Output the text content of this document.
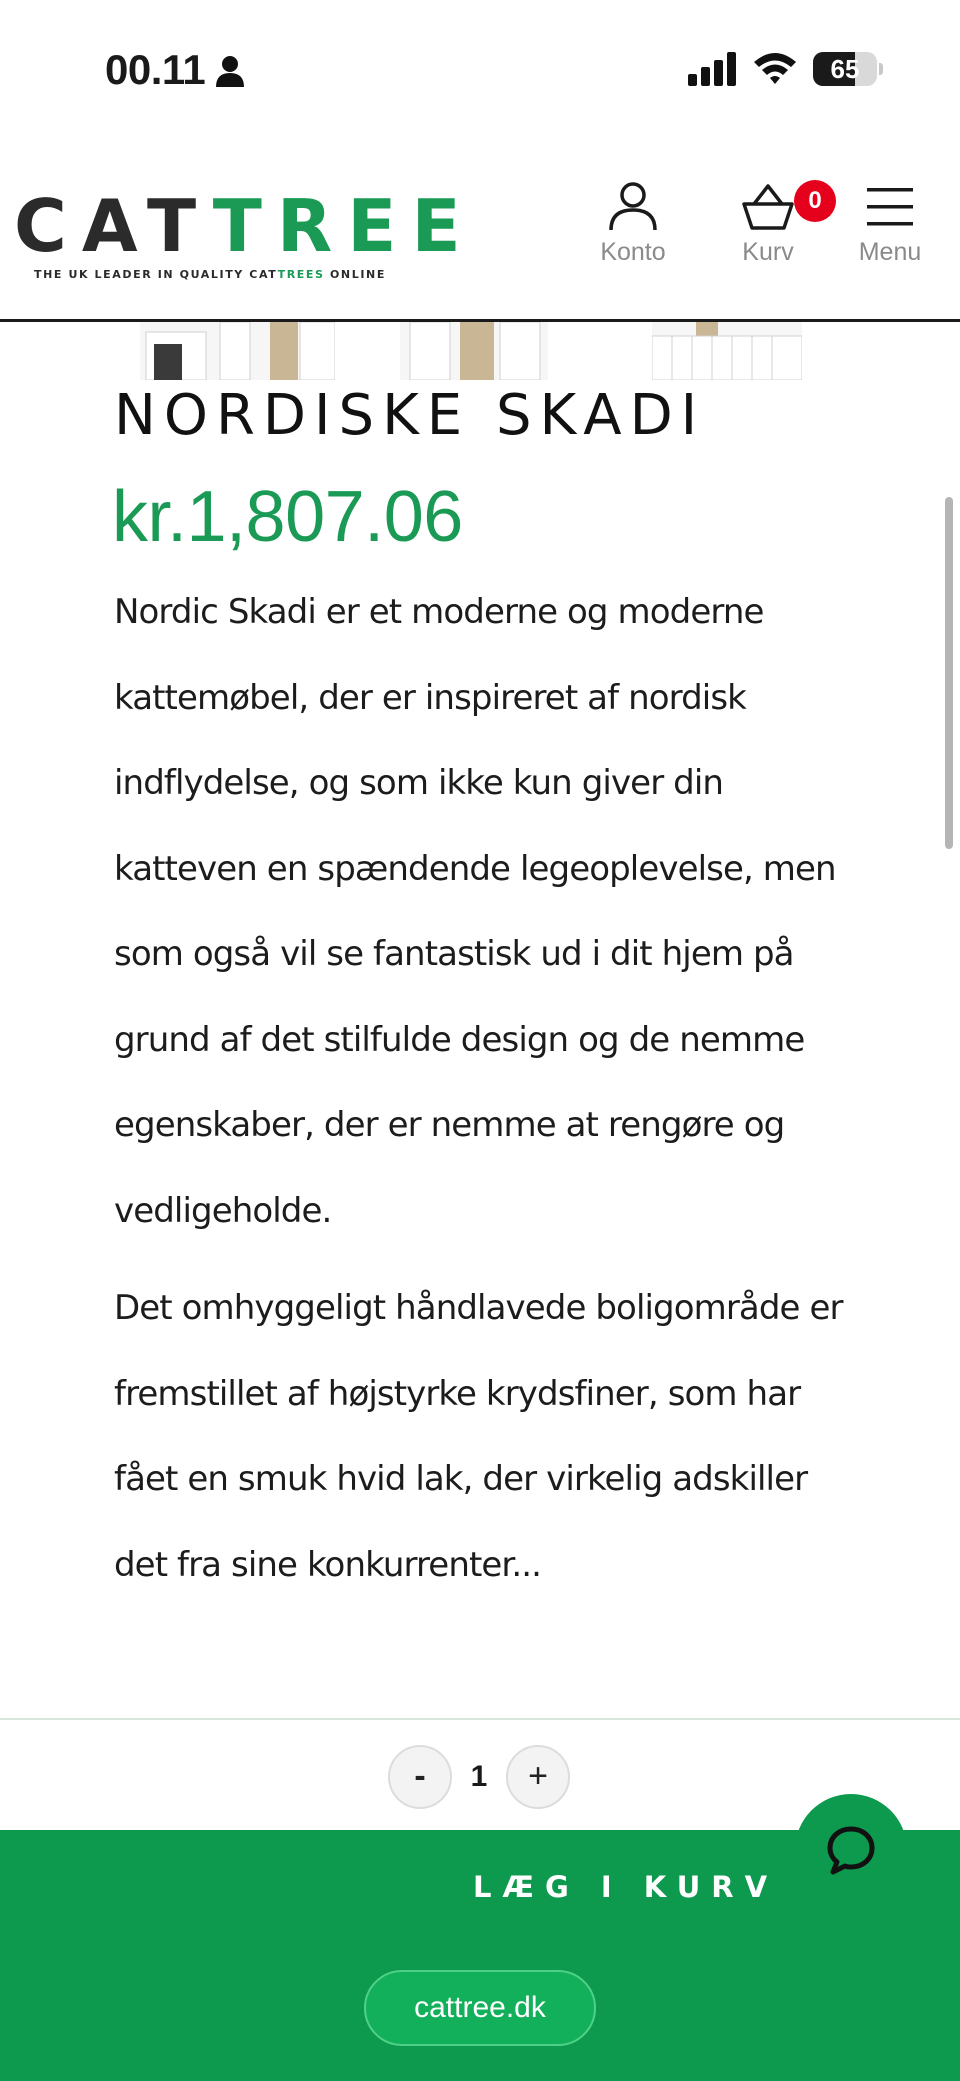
00.11	65
CATTREE
THE UK LEADER IN QUALITY CATTREES ONLINE
Konto	Kurv
0
Menu
NORDISKE SKADI
kr.1,807.06

Nordic Skadi er et moderne og moderne kattemøbel, der er inspireret af nordisk indflydelse, og som ikke kun giver din katteven en spændende legeoplevelse, men som også vil se fantastisk ud i dit hjem på grund af det stilfulde design og de nemme egenskaber, der er nemme at rengøre og vedligeholde.

Det omhyggeligt håndlavede boligområde er fremstillet af højstyrke krydsfiner, som har fået en smuk hvid lak, der virkelig adskiller det fra sine konkurrenter...

-	1	+
LÆG I KURV
cattree.dk
